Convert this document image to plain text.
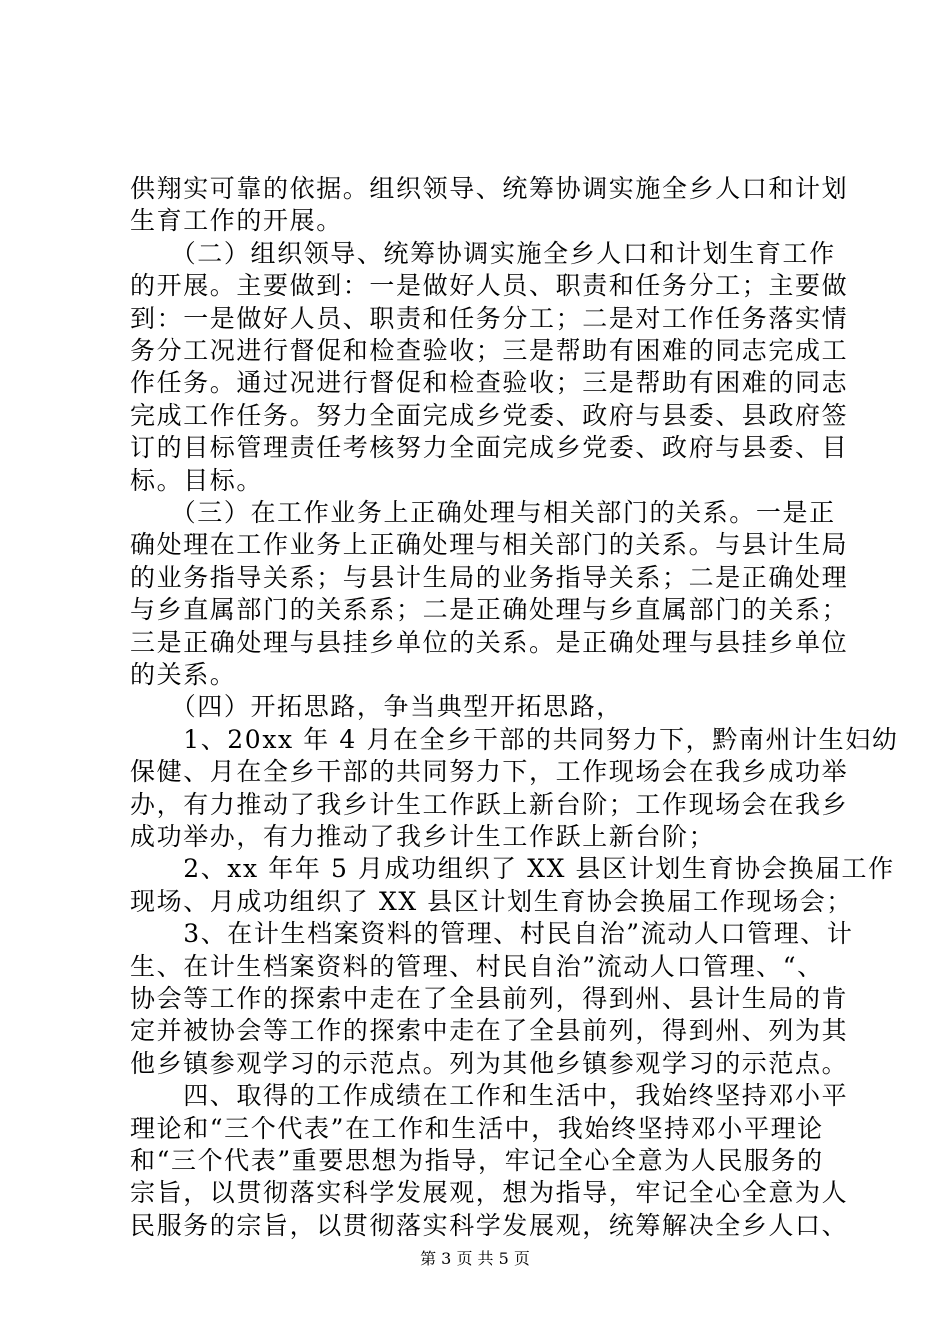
供翔实可靠的依据。组织领导、统筹协调实施全乡人口和计划
生育工作的开展。
　　（二）组织领导、统筹协调实施全乡人口和计划生育工作
的开展。主要做到：一是做好人员、职责和任务分工；主要做
到：一是做好人员、职责和任务分工；二是对工作任务落实情
务分工况进行督促和检查验收；三是帮助有困难的同志完成工
作任务。通过况进行督促和检查验收；三是帮助有困难的同志
完成工作任务。努力全面完成乡党委、政府与县委、县政府签
订的目标管理责任考核努力全面完成乡党委、政府与县委、目
标。目标。
　　（三）在工作业务上正确处理与相关部门的关系。一是正
确处理在工作业务上正确处理与相关部门的关系。与县计生局
的业务指导关系；与县计生局的业务指导关系；二是正确处理
与乡直属部门的关系系；二是正确处理与乡直属部门的关系；
三是正确处理与县挂乡单位的关系。是正确处理与县挂乡单位
的关系。
　　（四）开拓思路，争当典型开拓思路，
　　1、20xx 年 4 月在全乡干部的共同努力下，黔南州计生妇幼
保健、月在全乡干部的共同努力下，工作现场会在我乡成功举
办，有力推动了我乡计生工作跃上新台阶；工作现场会在我乡
成功举办，有力推动了我乡计生工作跃上新台阶；
　　2、xx 年年 5 月成功组织了 XX 县区计划生育协会换届工作
现场、月成功组织了 XX 县区计划生育协会换届工作现场会；
　　3、在计生档案资料的管理、村民自治”流动人口管理、计
生、在计生档案资料的管理、村民自治”流动人口管理、“、
协会等工作的探索中走在了全县前列，得到州、县计生局的肯
定并被协会等工作的探索中走在了全县前列，得到州、列为其
他乡镇参观学习的示范点。列为其他乡镇参观学习的示范点。
　　四、取得的工作成绩在工作和生活中，我始终坚持邓小平
理论和“三个代表”在工作和生活中，我始终坚持邓小平理论
和“三个代表”重要思想为指导，牢记全心全意为人民服务的
宗旨，以贯彻落实科学发展观，想为指导，牢记全心全意为人
民服务的宗旨，以贯彻落实科学发展观，统筹解决全乡人口、
第 3 页 共 5 页
